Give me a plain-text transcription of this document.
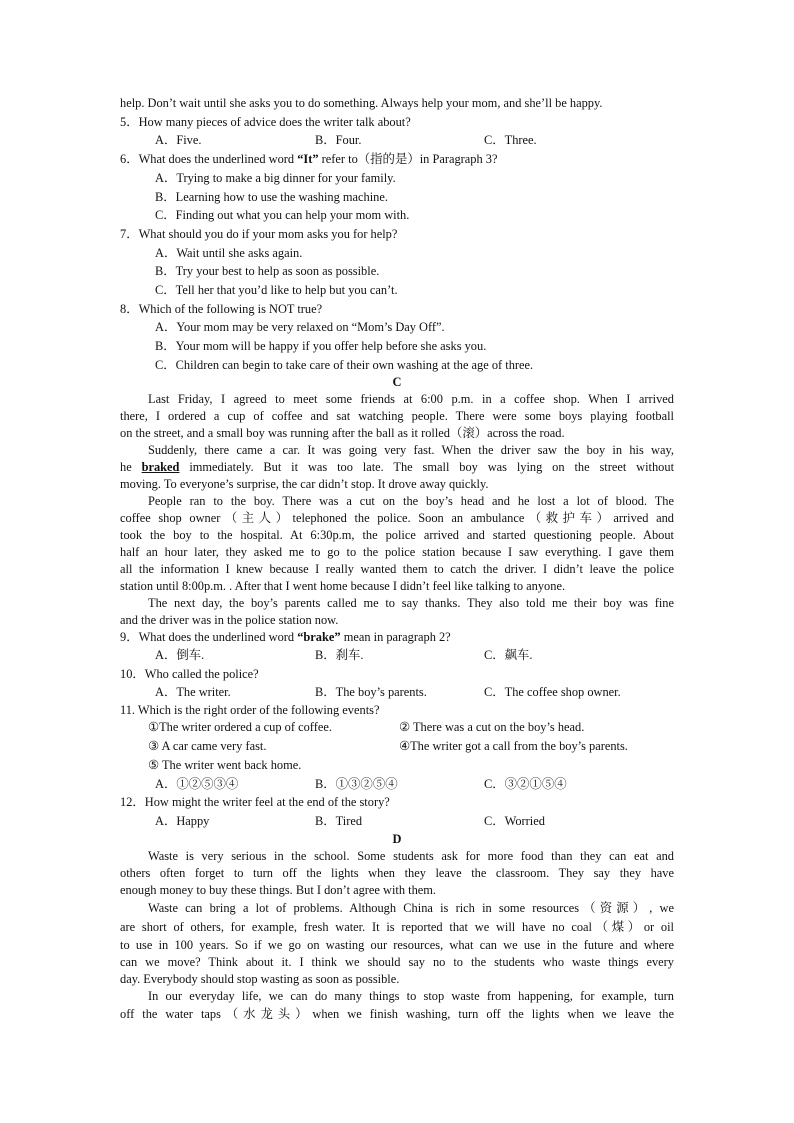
help. Don’t wait until she asks you to do something. Always help your mom, and she’ll be happy.
5．How many pieces of advice does the writer talk about?
A．Five.	B．Four.	C．Three.
6．What does the underlined word “It” refer to（指的是）in Paragraph 3?
A．Trying to make a big dinner for your family.
B．Learning how to use the washing machine.
C．Finding out what you can help your mom with.
7．What should you do if your mom asks you for help?
A．Wait until she asks again.
B．Try your best to help as soon as possible.
C．Tell her that you’d like to help but you can’t.
8．Which of the following is NOT true?
A．Your mom may be very relaxed on “Mom’s Day Off”.
B．Your mom will be happy if you offer help before she asks you.
C．Children can begin to take care of their own washing at the age of three.
C
Last Friday, I agreed to meet some friends at 6:00 p.m. in a coffee shop. When I arrived
there, I ordered a cup of coffee and sat watching people. There were some boys playing football
on the street, and a small boy was running after the ball as it rolled（滚）across the road.
Suddenly, there came a car. It was going very fast. When the driver saw the boy in his way,
he braked immediately. But it was too late. The small boy was lying on the street without
moving. To everyone’s surprise, the car didn’t stop. It drove away quickly.
People ran to the boy. There was a cut on the boy’s head and he lost a lot of blood. The
coffee shop owner（主人）telephoned the police. Soon an ambulance（救护车）arrived and
took the boy to the hospital. At 6:30p.m, the police arrived and started questioning people. About
half an hour later, they asked me to go to the police station because I saw everything. I gave them
all the information I knew because I really wanted them to catch the driver. I didn’t leave the police
station until 8:00p.m. . After that I went home because I didn’t feel like talking to anyone.
The next day, the boy’s parents called me to say thanks. They also told me their boy was fine
and the driver was in the police station now.
9．What does the underlined word “brake” mean in paragraph 2?
A．倒车.	B．刹车.	C．飙车.
10．Who called the police?
A．The writer.	B．The boy’s parents.	C．The coffee shop owner.
11. Which is the right order of the following events?
①The writer ordered a cup of coffee.	② There was a cut on the boy’s head.
③ A car came very fast.	④The writer got a call from the boy’s parents.
⑤ The writer went back home.
A．①②⑤③④	B．①③②⑤④	C．③②①⑤④
12．How might the writer feel at the end of the story?
A．Happy	B．Tired	C．Worried
D
Waste is very serious in the school. Some students ask for more food than they can eat and
others often forget to turn off the lights when they leave the classroom. They say they have
enough money to buy these things. But I don’t agree with them.
Waste can bring a lot of problems. Although China is rich in some resources（资源）, we
are short of others, for example, fresh water. It is reported that we will have no coal（煤）or oil
to use in 100 years. So if we go on wasting our resources, what can we use in the future and where
can we move? Think about it. I think we should say no to the students who waste things every
day. Everybody should stop wasting as soon as possible.
In our everyday life, we can do many things to stop waste from happening, for example, turn
off the water taps（水龙头）when we finish washing, turn off the lights when we leave the
